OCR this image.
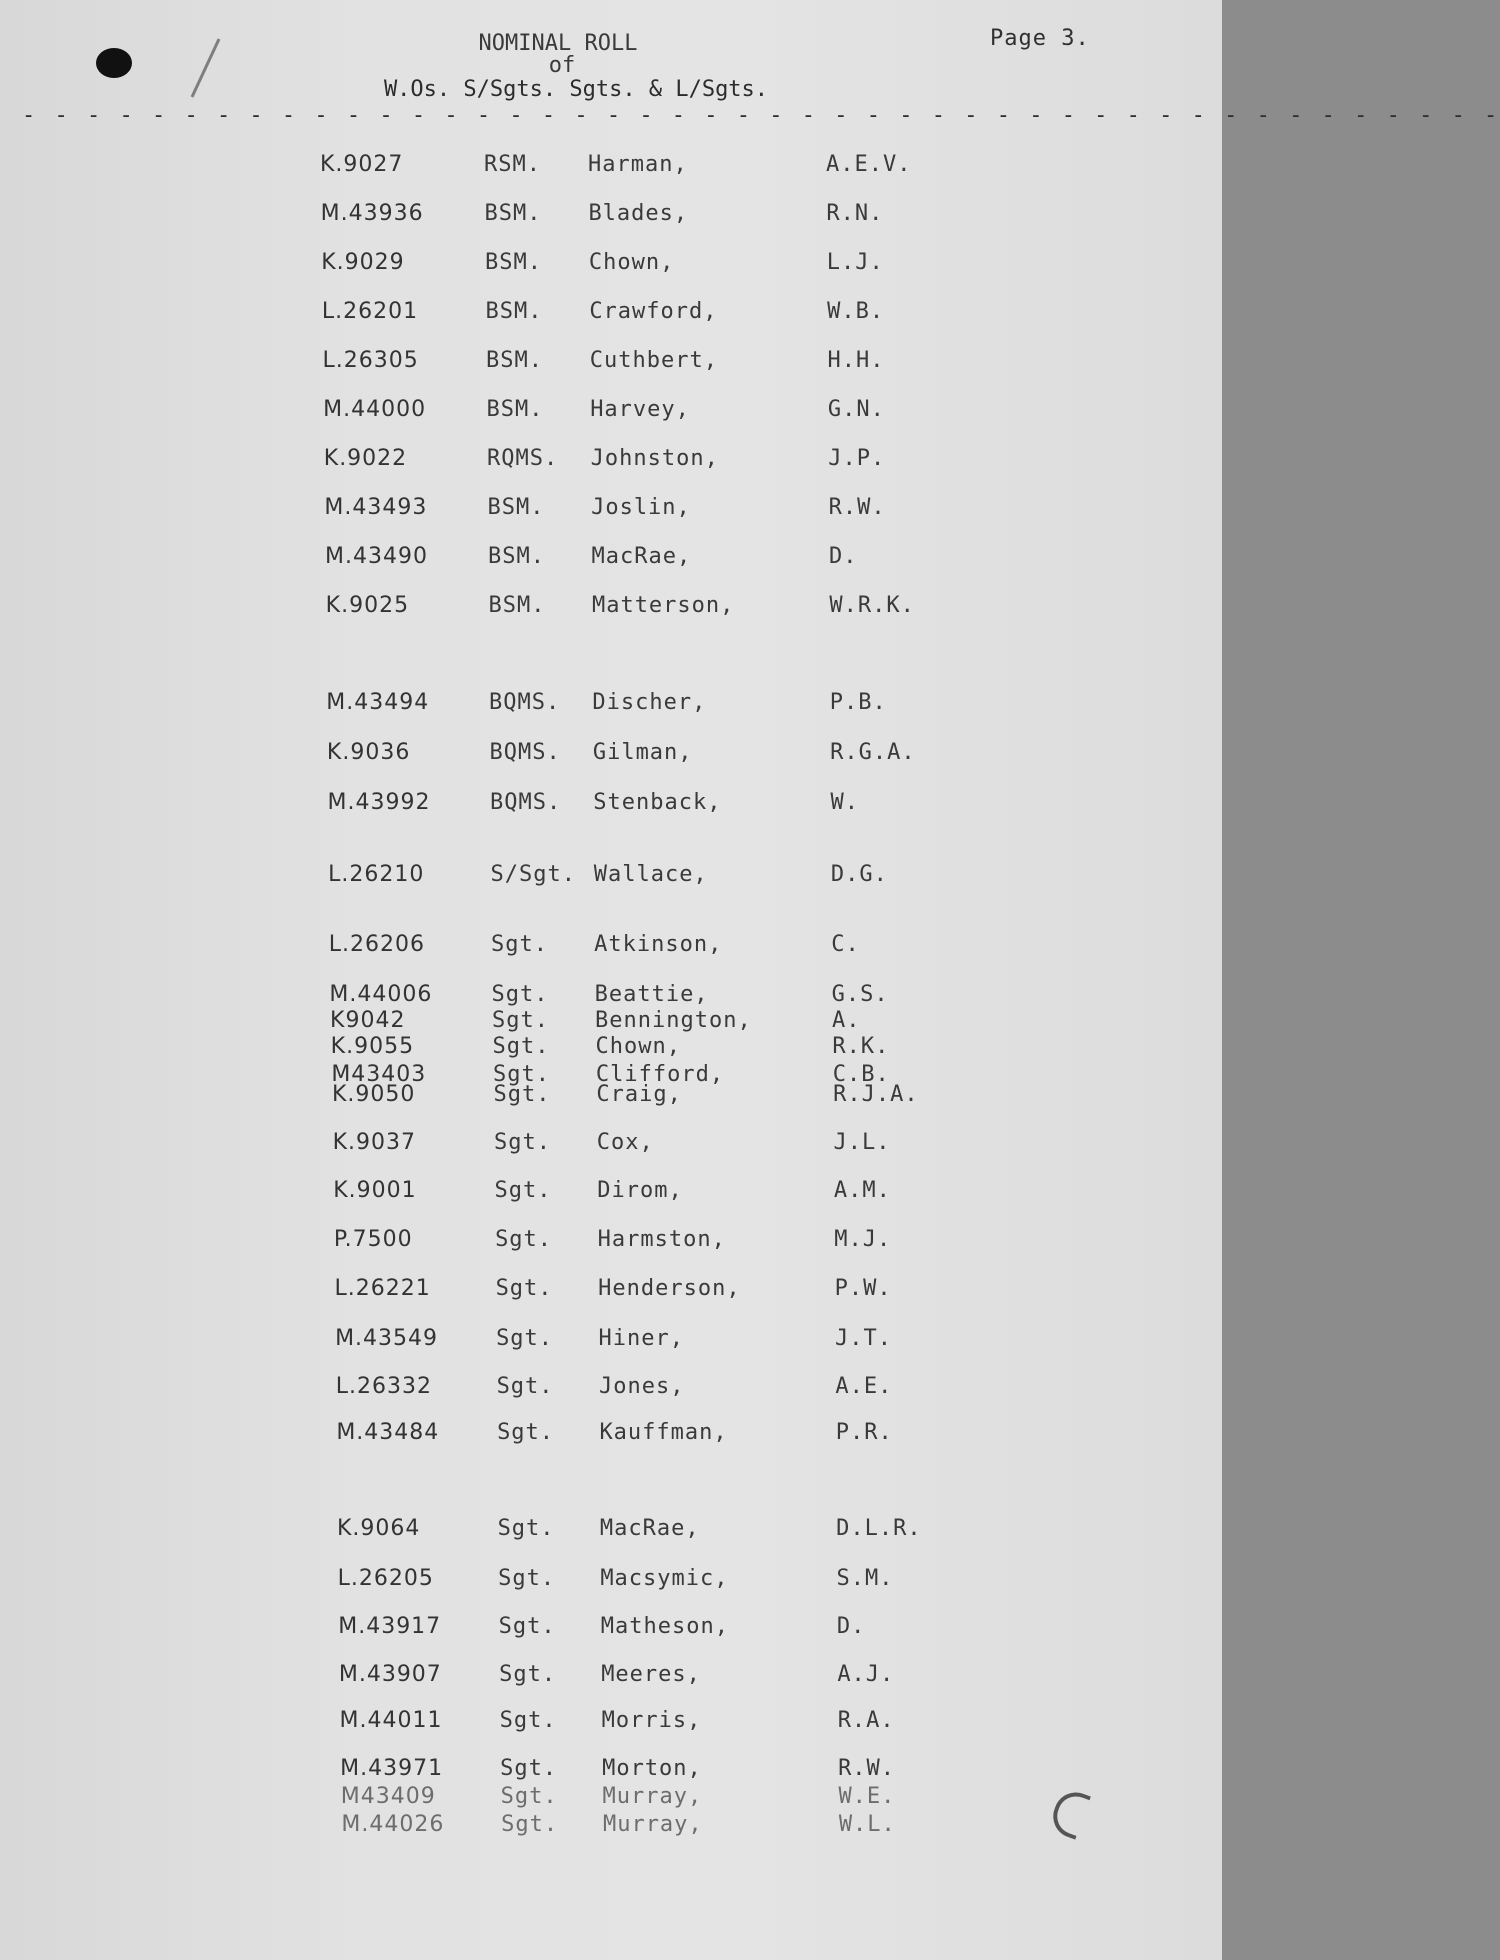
Page 3.
NOMINAL ROLL
of
W.Os. S/Sgts. Sgts. & L/Sgts.
- - - - - - - - - - - - - - - - - - - - - - - - - - - - - - - - - - - - - - - - - - - - - -
K.9027	RSM. Harman,	A.E.V.
M.43936	BSM. Blades,	R.N.
K.9029	BSM. Chown,	L.J.
L.26201	BSM. Crawford,	W.B.
L.26305	BSM. Cuthbert,	H.H.
M.44000	BSM. Harvey,	G.N.
K.9022	RQMS. Johnston,	J.P.
M.43493	BSM. Joslin,	R.W.
M.43490	BSM. MacRae,	D.
K.9025	BSM. Matterson,	W.R.K.
M.43494	BQMS. Discher,	P.B.
K.9036	BQMS. Gilman,	R.G.A.
M.43992	BQMS. Stenback,	W.
L.26210	S/Sgt. Wallace,	D.G.
L.26206	Sgt. Atkinson,	C.
M.44006	Sgt. Beattie,	G.S.
K9042	Sgt. Bennington,	A.
K.9055	Sgt. Chown,	R.K.
M43403	Sgt. Clifford,	C.B.
K.9050	Sgt. Craig,	R.J.A.
K.9037	Sgt. Cox,	J.L.
K.9001	Sgt. Dirom,	A.M.
P.7500	Sgt. Harmston,	M.J.
L.26221	Sgt. Henderson,	P.W.
M.43549	Sgt. Hiner,	J.T.
L.26332	Sgt. Jones,	A.E.
M.43484	Sgt. Kauffman,	P.R.
K.9064	Sgt. MacRae,	D.L.R.
L.26205	Sgt. Macsymic,	S.M.
M.43917	Sgt. Matheson,	D.
M.43907	Sgt. Meeres,	A.J.
M.44011	Sgt. Morris,	R.A.
M.43971	Sgt. Morton,	R.W.
M43409	Sgt. Murray,	W.E.
M.44026	Sgt. Murray,	W.L.
